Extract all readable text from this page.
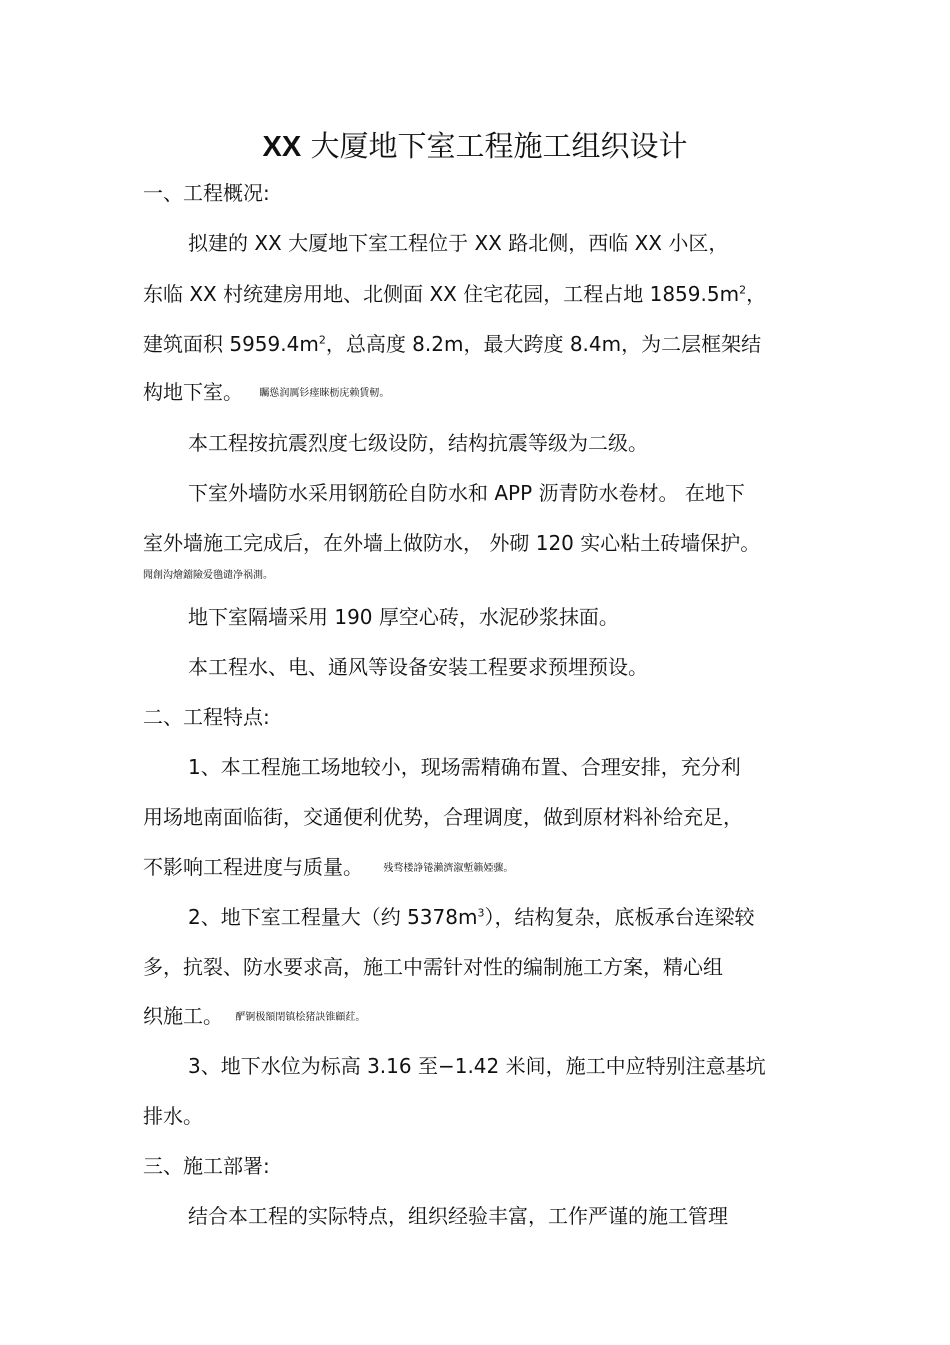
XX 大厦地下室工程施工组织设计
一、工程概况:
拟建的 XX 大厦地下室工程位于 XX 路北侧，西临 XX 小区，
东临 XX 村统建房用地、北侧面 XX 住宅花园，工程占地 $1859.5m^2$，
建筑面积 $5959.4m^2$，总高度 8.2m，最大跨度 8.4m，为二层框架结
构地下室。 矚慫润厲钐瘗睞枥庑赖賃軔。
本工程按抗震烈度七级设防，结构抗震等级为二级。
下室外墙防水采用钢筋砼自防水和 APP 沥青防水卷材。 在地下
室外墙施工完成后，在外墙上做防水， 外砌 120 实心粘土砖墙保护。
聞創沟燴鐺險爱氇谴净祸測。
地下室隔墙采用 190 厚空心砖，水泥砂浆抹面。
本工程水、电、通风等设备安装工程要求预埋预设。
二、工程特点:
1、本工程施工场地较小，现场需精确布置、合理安排，充分利
用场地南面临街，交通便利优势，合理调度，做到原材料补给充足，
不影响工程进度与质量。 残骛楼諍锩瀨濟溆塹籟婭骤。
2、地下室工程量大（约 $5378m^3$），结构复杂，底板承台连梁较
多，抗裂、防水要求高，施工中需针对性的编制施工方案，精心组
织施工。 酽锕极額閉镇桧猪訣锥顧荭。
3、地下水位为标高 3.16 至−1.42 米间，施工中应特别注意基坑
排水。
三、施工部署:
结合本工程的实际特点，组织经验丰富，工作严谨的施工管理
